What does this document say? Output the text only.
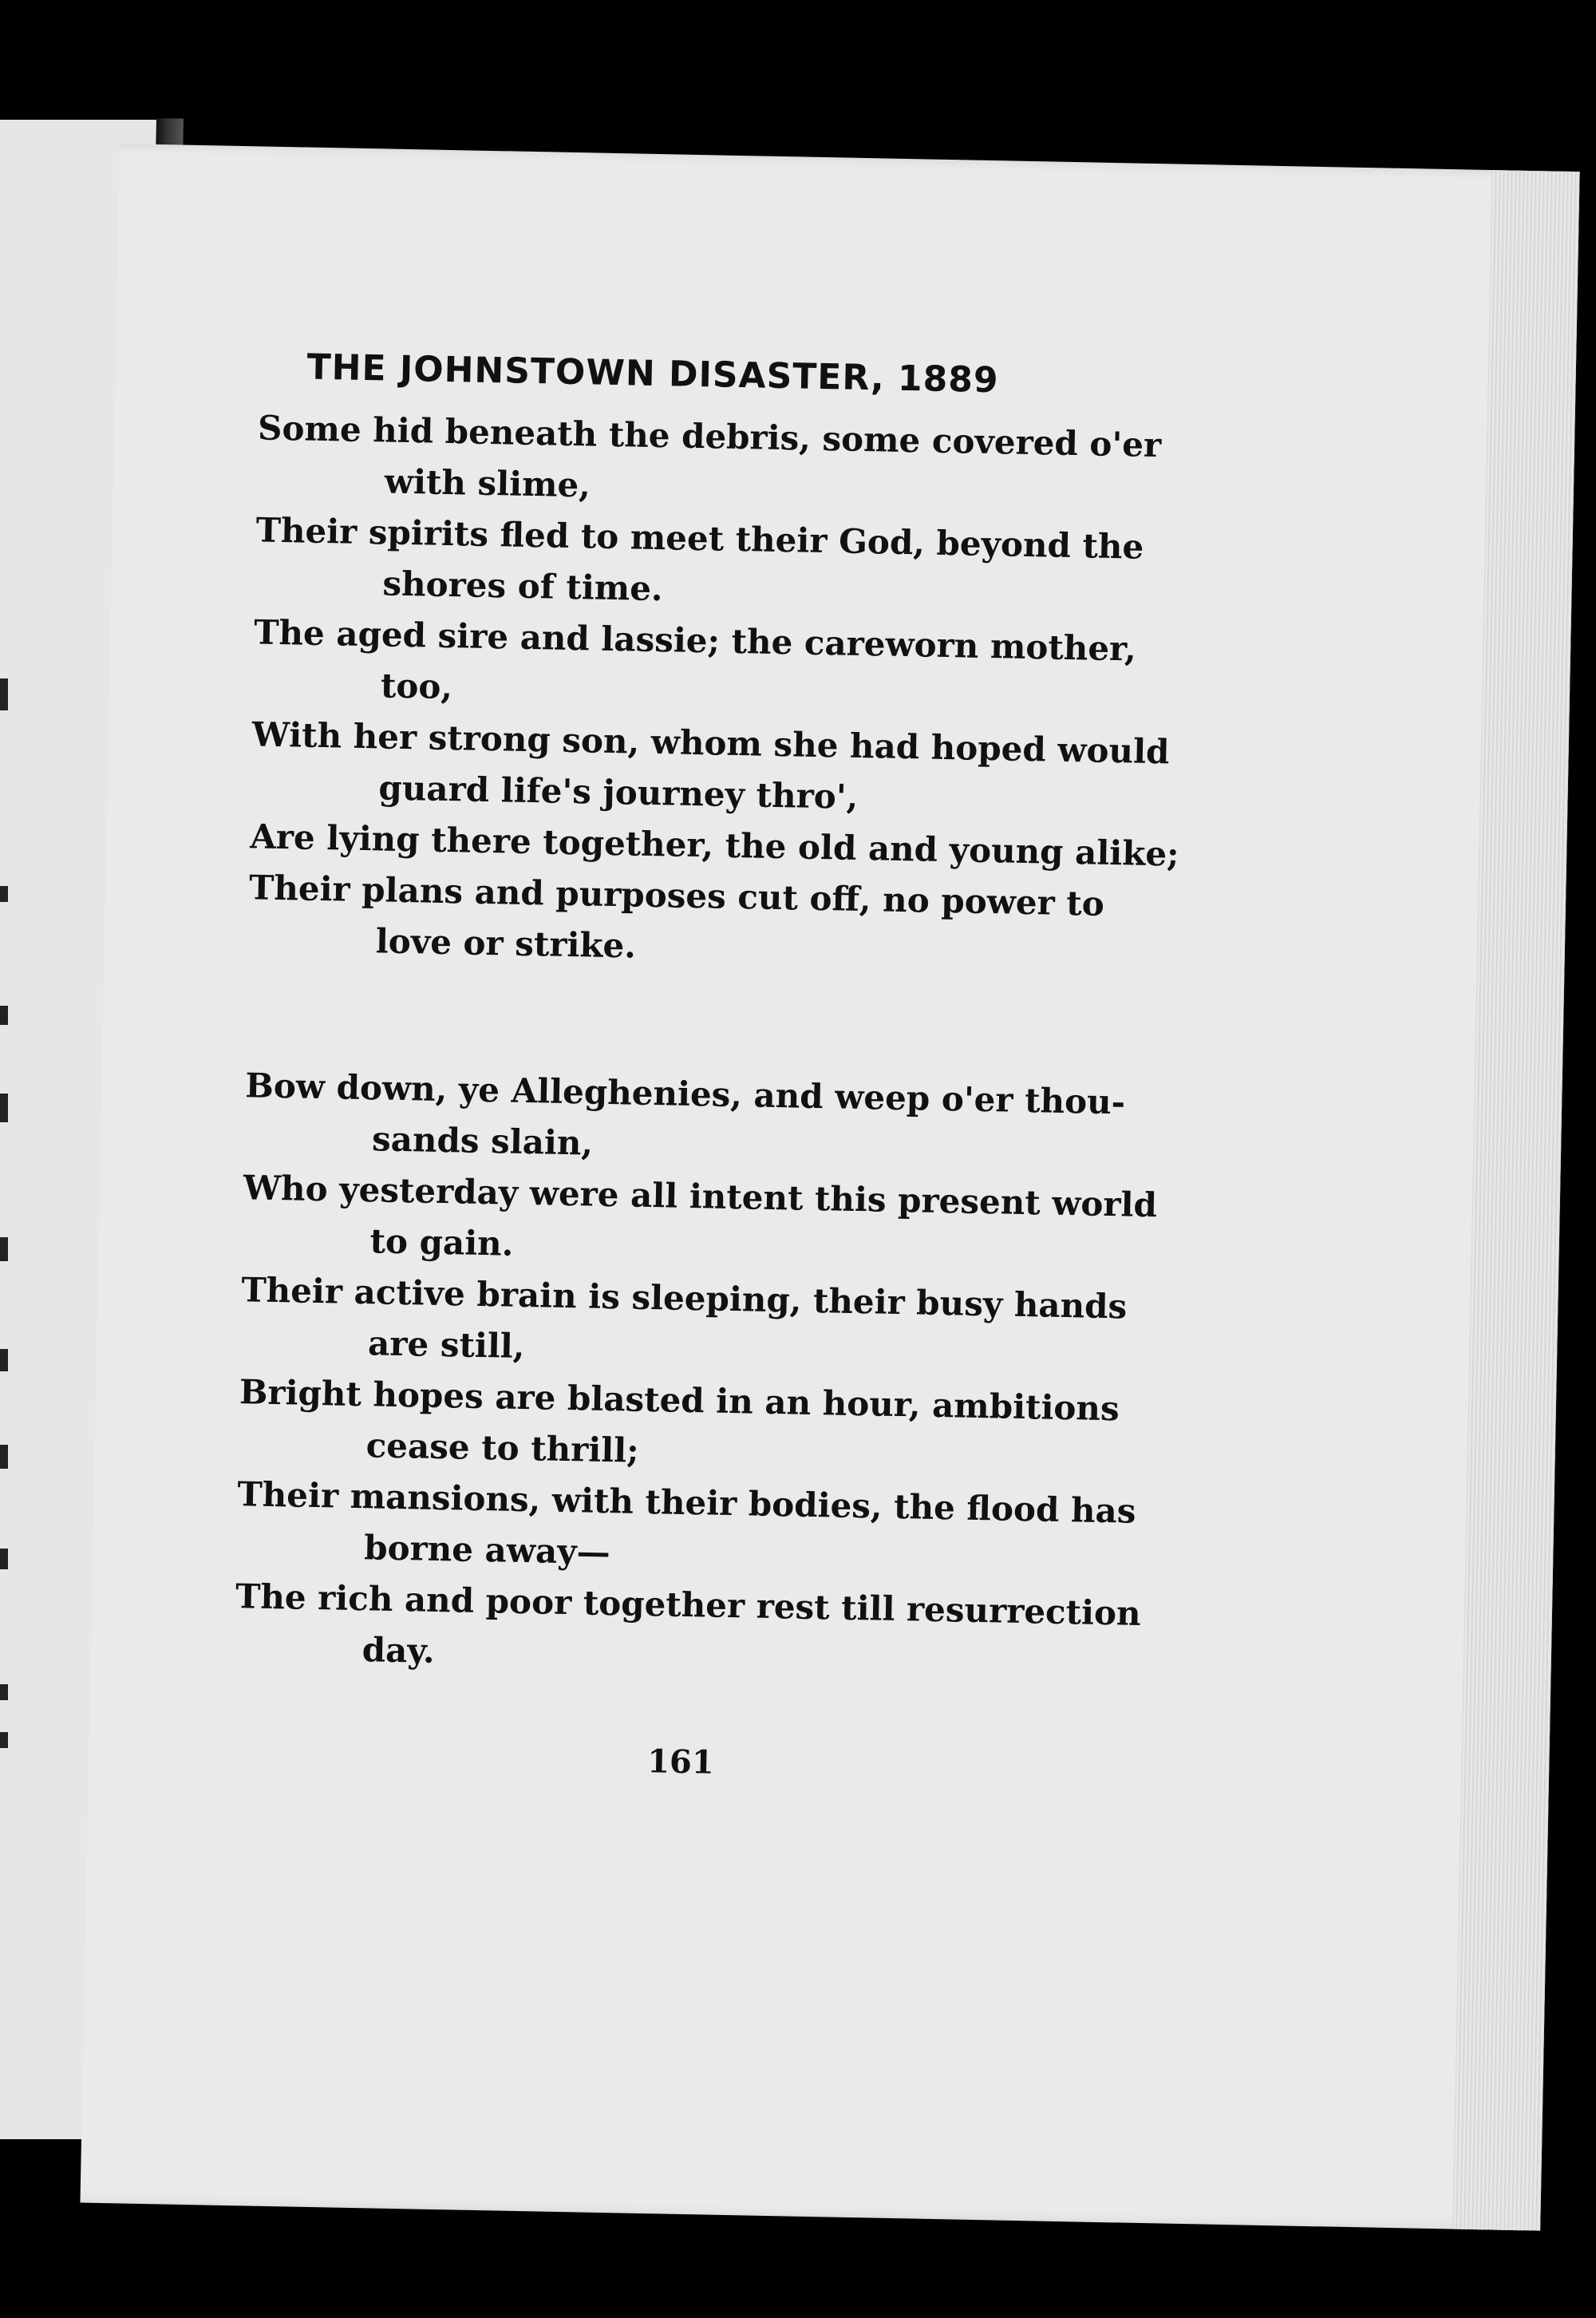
THE JOHNSTOWN DISASTER, 1889
Some hid beneath the debris, some covered o'er
with slime,
Their spirits fled to meet their God, beyond the
shores of time.
The aged sire and lassie; the careworn mother,
too,
With her strong son, whom she had hoped would
guard life's journey thro',
Are lying there together, the old and young alike;
Their plans and purposes cut off, no power to
love or strike.
Bow down, ye Alleghenies, and weep o'er thou-
sands slain,
Who yesterday were all intent this present world
to gain.
Their active brain is sleeping, their busy hands
are still,
Bright hopes are blasted in an hour, ambitions
cease to thrill;
Their mansions, with their bodies, the flood has
borne away—
The rich and poor together rest till resurrection
day.
161
